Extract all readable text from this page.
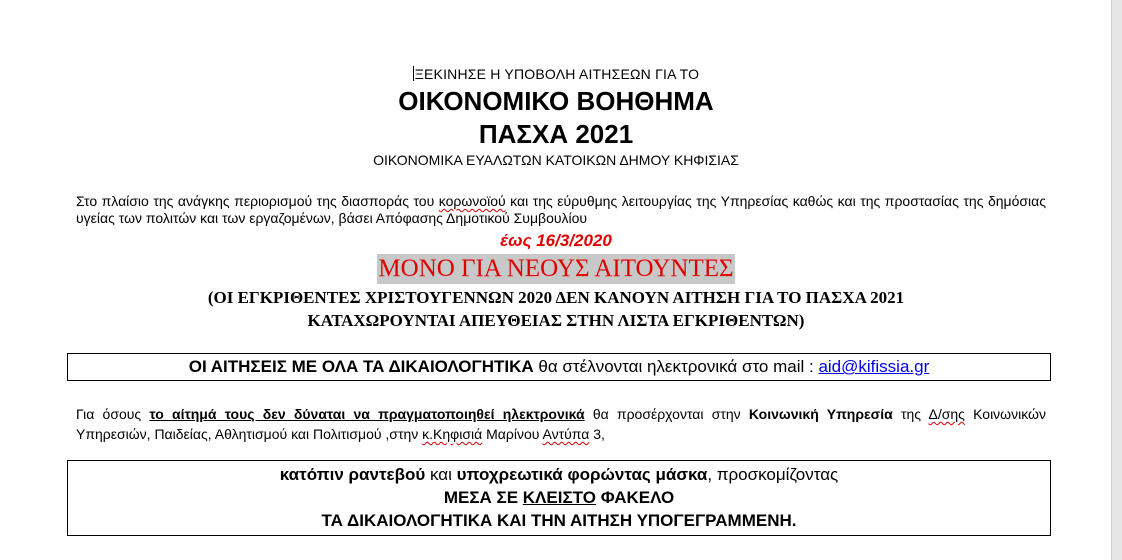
ΞΕΚΙΝΗΣΕ Η ΥΠΟΒΟΛΗ ΑΙΤΗΣΕΩΝ ΓΙΑ ΤΟ
ΟΙΚΟΝΟΜΙΚΟ ΒΟΗΘΗΜΑ
ΠΑΣΧΑ 2021
ΟΙΚΟΝΟΜΙΚΑ ΕΥΑΛΩΤΩΝ ΚΑΤΟΙΚΩΝ ΔΗΜΟΥ ΚΗΦΙΣΙΑΣ
Στο πλαίσιο της ανάγκης περιορισμού της διασποράς του κορωνοϊού και της εύρυθμης λειτουργίας της Υπηρεσίας καθώς και της προστασίας της δημόσιας υγείας των πολιτών και των εργαζομένων, βάσει Απόφασης Δημοτικού Συμβουλίου
έως 16/3/2020
ΜΟΝΟ ΓΙΑ ΝΕΟΥΣ ΑΙΤΟΥΝΤΕΣ
(ΟΙ ΕΓΚΡΙΘΕΝΤΕΣ ΧΡΙΣΤΟΥΓΕΝΝΩΝ 2020 ΔΕΝ ΚΑΝΟΥΝ ΑΙΤΗΣΗ ΓΙΑ ΤΟ ΠΑΣΧΑ 2021
ΚΑΤΑΧΩΡΟΥΝΤΑΙ ΑΠΕΥΘΕΙΑΣ ΣΤΗΝ ΛΙΣΤΑ ΕΓΚΡΙΘΕΝΤΩΝ)
ΟΙ ΑΙΤΗΣΕΙΣ ΜΕ ΟΛΑ ΤΑ ΔΙΚΑΙΟΛΟΓΗΤΙΚΑ θα στέλνονται ηλεκτρονικά στο mail : aid@kifissia.gr
Για όσους το αίτημά τους δεν δύναται να πραγματοποιηθεί ηλεκτρονικά θα προσέρχονται στην Κοινωνική Υπηρεσία της Δ/σης Κοινωνικών Υπηρεσιών, Παιδείας, Αθλητισμού και Πολιτισμού ,στην κ.Κηφισιά Μαρίνου Αντύπα 3,
κατόπιν ραντεβού και υποχρεωτικά φορώντας μάσκα, προσκομίζοντας
ΜΕΣΑ ΣΕ ΚΛΕΙΣΤΟ ΦΑΚΕΛΟ
ΤΑ ΔΙΚΑΙΟΛΟΓΗΤΙΚΑ ΚΑΙ ΤΗΝ ΑΙΤΗΣΗ ΥΠΟΓΕΓΡΑΜΜΕΝΗ.
